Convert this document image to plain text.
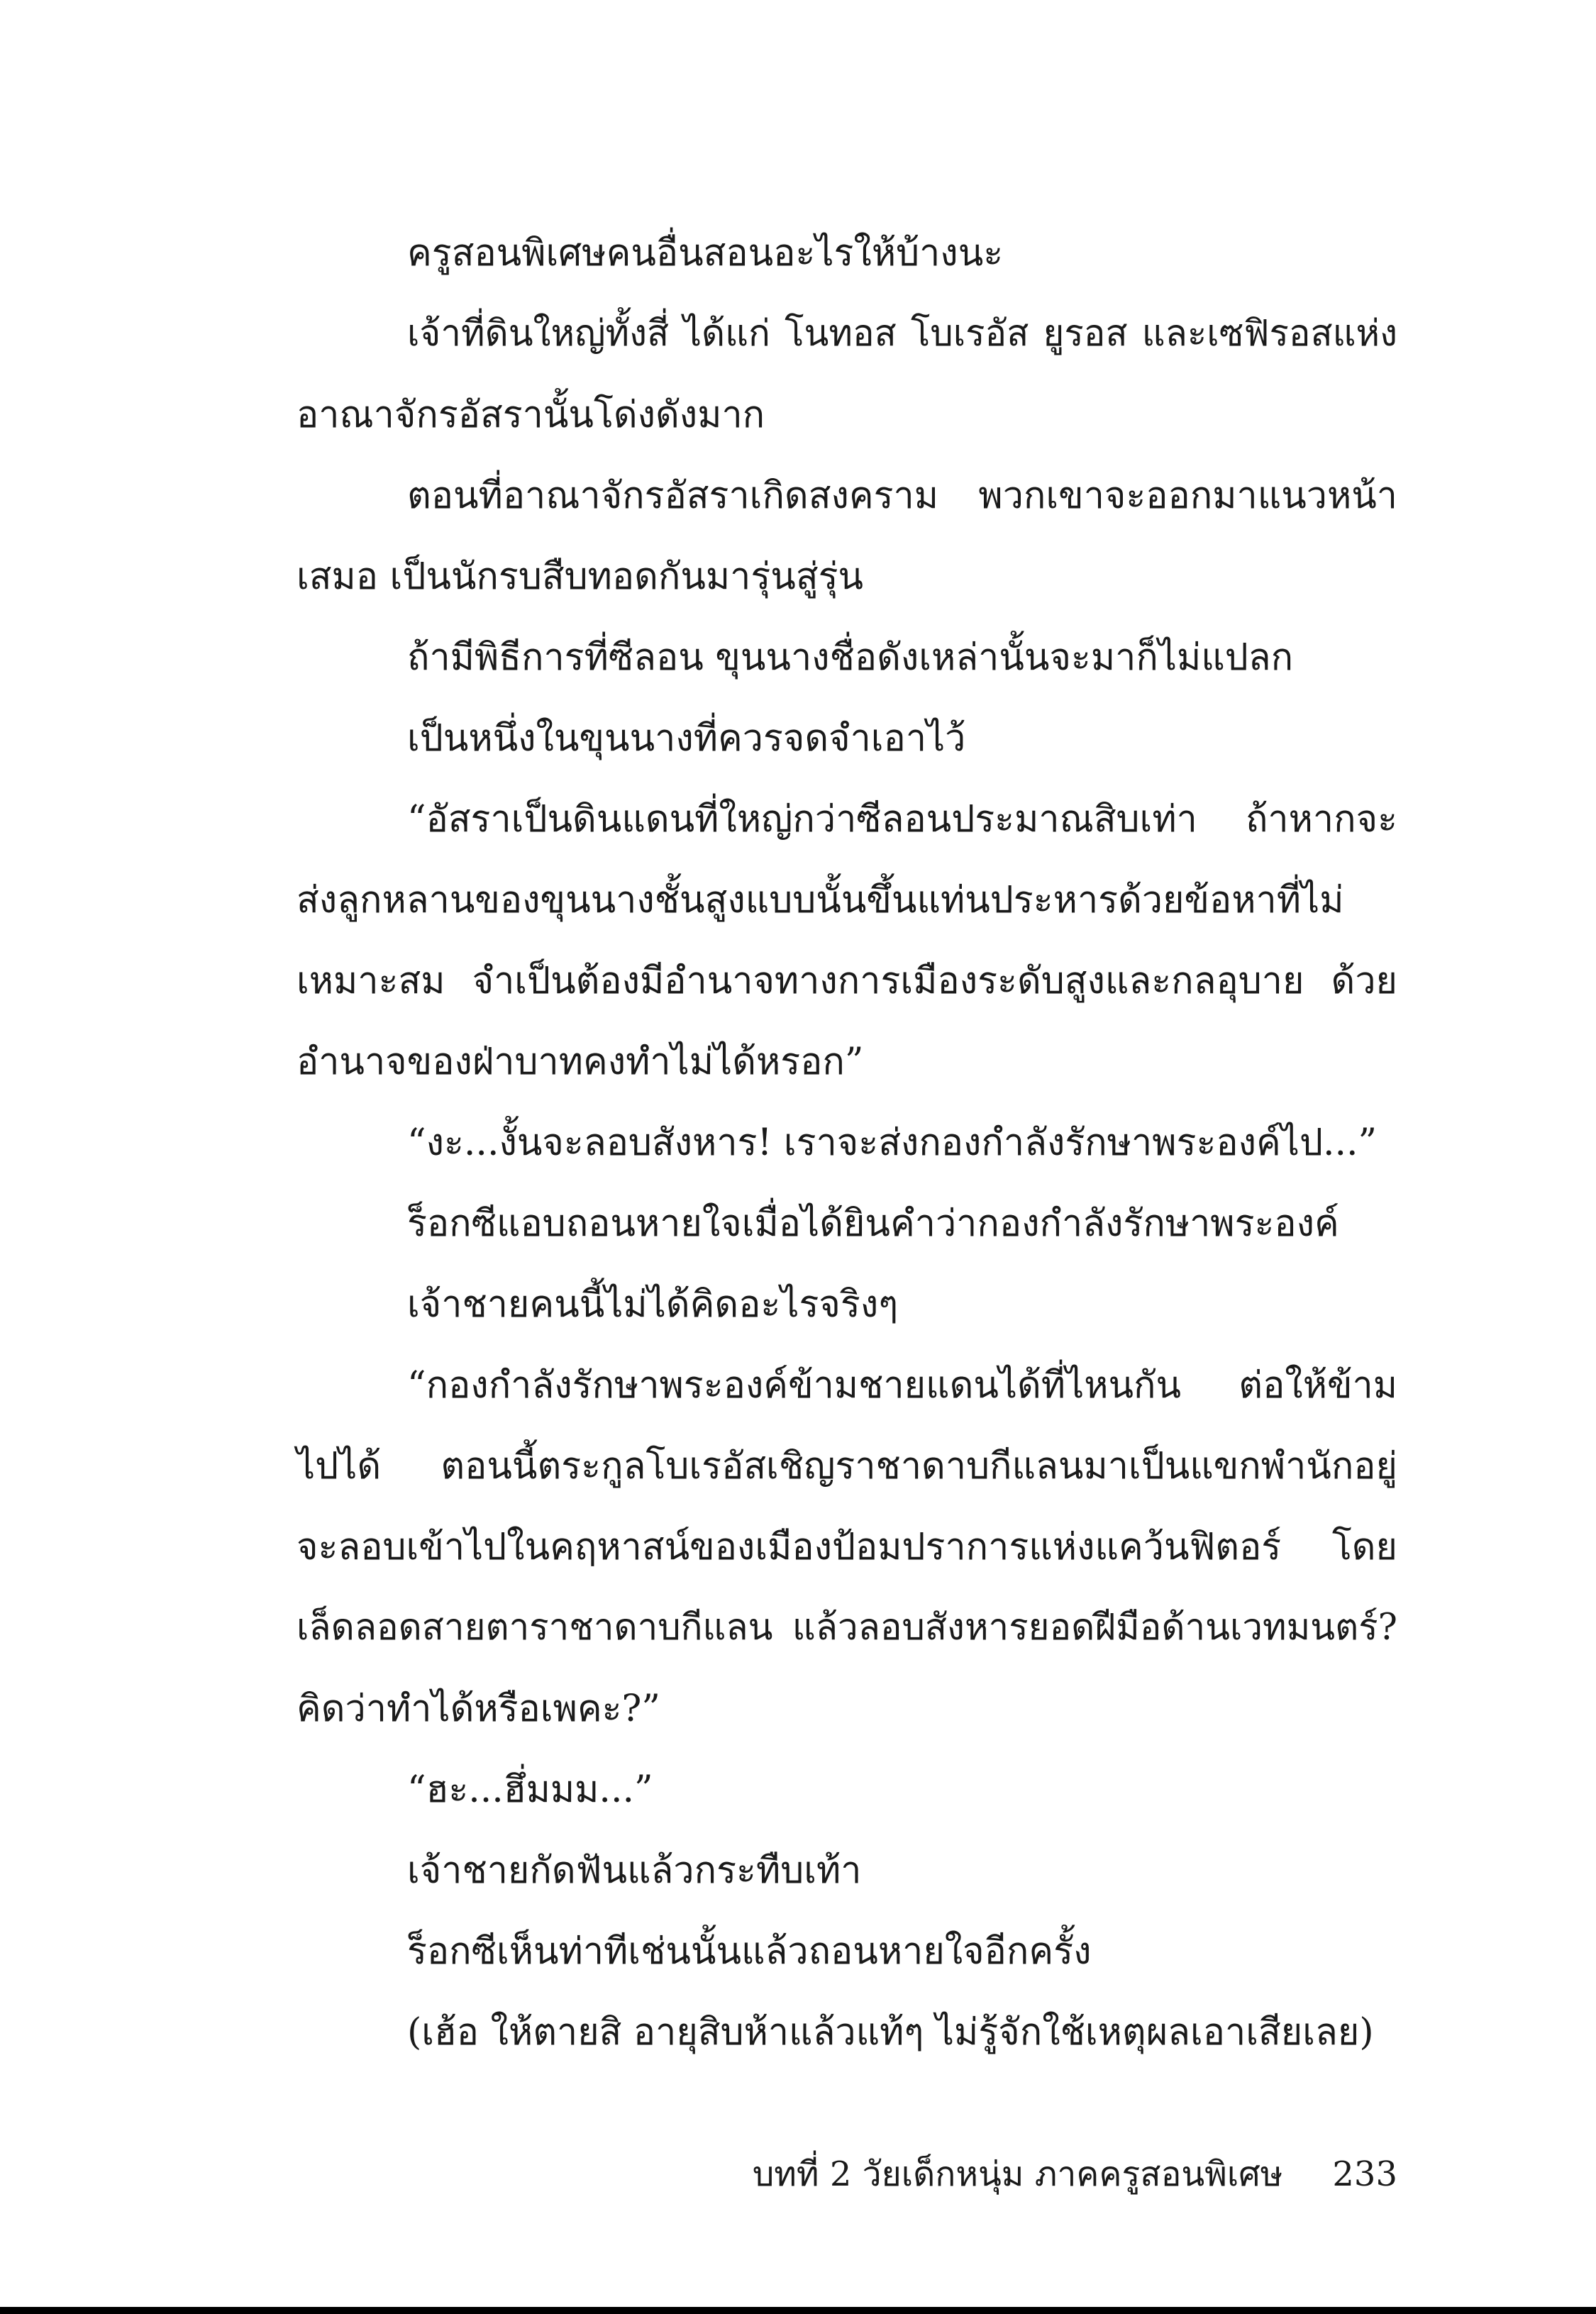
ครูสอนพิเศษคนอื่นสอนอะไรให้บ้างนะ
เจ้าที่ดินใหญ่ทั้งสี่ ได้แก่ โนทอส โบเรอัส ยูรอส และเซฟิรอสแห่ง
อาณาจักรอัสรานั้นโด่งดังมาก
ตอนที่อาณาจักรอัสราเกิดสงคราม พวกเขาจะออกมาแนวหน้า
เสมอ เป็นนักรบสืบทอดกันมารุ่นสู่รุ่น
ถ้ามีพิธีการที่ซีลอน ขุนนางชื่อดังเหล่านั้นจะมาก็ไม่แปลก
เป็นหนึ่งในขุนนางที่ควรจดจำเอาไว้
“อัสราเป็นดินแดนที่ใหญ่กว่าซีลอนประมาณสิบเท่า ถ้าหากจะ
ส่งลูกหลานของขุนนางชั้นสูงแบบนั้นขึ้นแท่นประหารด้วยข้อหาที่ไม่
เหมาะสม จำเป็นต้องมีอำนาจทางการเมืองระดับสูงและกลอุบาย ด้วย
อำนาจของฝ่าบาทคงทำไม่ได้หรอก”
“งะ...งั้นจะลอบสังหาร! เราจะส่งกองกำลังรักษาพระองค์ไป...”
ร็อกซีแอบถอนหายใจเมื่อได้ยินคำว่ากองกำลังรักษาพระองค์
เจ้าชายคนนี้ไม่ได้คิดอะไรจริงๆ
“กองกำลังรักษาพระองค์ข้ามชายแดนได้ที่ไหนกัน ต่อให้ข้าม
ไปได้ ตอนนี้ตระกูลโบเรอัสเชิญราชาดาบกีแลนมาเป็นแขกพำนักอยู่
จะลอบเข้าไปในคฤหาสน์ของเมืองป้อมปราการแห่งแคว้นฟิตอร์ โดย
เล็ดลอดสายตาราชาดาบกีแลน แล้วลอบสังหารยอดฝีมือด้านเวทมนตร์?
คิดว่าทำได้หรือเพคะ?”
“ฮะ...ฮึ่มมม...”
เจ้าชายกัดฟันแล้วกระทืบเท้า
ร็อกซีเห็นท่าทีเช่นนั้นแล้วถอนหายใจอีกครั้ง
(เฮ้อ ให้ตายสิ อายุสิบห้าแล้วแท้ๆ ไม่รู้จักใช้เหตุผลเอาเสียเลย)
บทที่ 2 วัยเด็กหนุ่ม ภาคครูสอนพิเศษ 233
